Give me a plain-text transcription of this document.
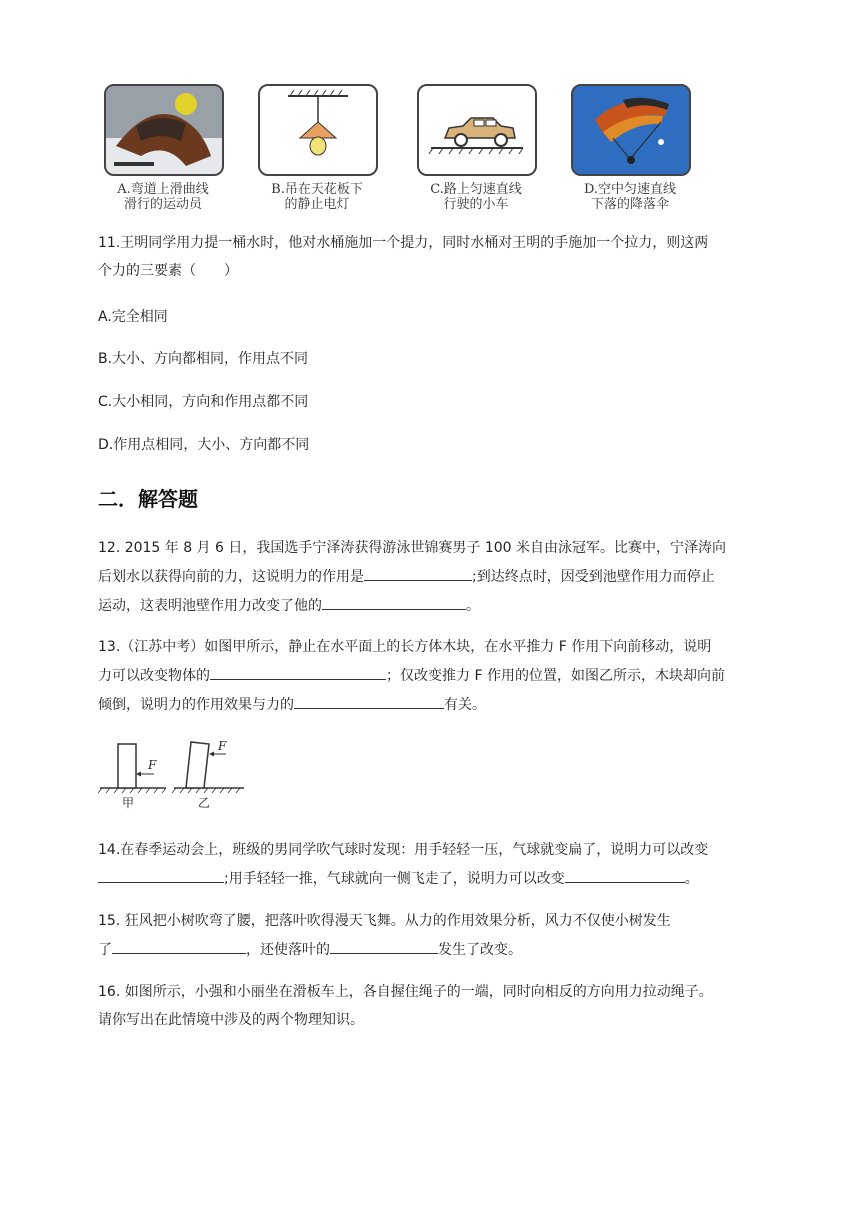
A.弯道上滑曲线
滑行的运动员
B.吊在天花板下
的静止电灯
C.路上匀速直线
行驶的小车
D.空中匀速直线
下落的降落伞
11.王明同学用力提一桶水时，他对水桶施加一个提力，同时水桶对王明的手施加一个拉力，则这两
个力的三要素（　　）
A.完全相同
B.大小、方向都相同，作用点不同
C.大小相同，方向和作用点都不同
D.作用点相同，大小、方向都不同
二．解答题
12. 2015 年 8 月 6 日，我国选手宁泽涛获得游泳世锦赛男子 100 米自由泳冠军。比赛中，宁泽涛向
后划水以获得向前的力，这说明力的作用是	;到达终点时，因受到池壁作用力而停止
运动，这表明池壁作用力改变了他的	。
13.（江苏中考）如图甲所示，静止在水平面上的长方体木块，在水平推力 F 作用下向前移动，说明
力可以改变物体的	；仅改变推力 F 作用的位置，如图乙所示，木块却向前
倾倒，说明力的作用效果与力的	有关。
F
F
甲	乙
14.在春季运动会上，班级的男同学吹气球时发现：用手轻轻一压，气球就变扁了，说明力可以改变
;用手轻轻一推，气球就向一侧飞走了，说明力可以改变	。
15. 狂风把小树吹弯了腰，把落叶吹得漫天飞舞。从力的作用效果分析，风力不仅使小树发生
了	，还使落叶的	发生了改变。
16. 如图所示，小强和小丽坐在滑板车上，各自握住绳子的一端，同时向相反的方向用力拉动绳子。
请你写出在此情境中涉及的两个物理知识。
